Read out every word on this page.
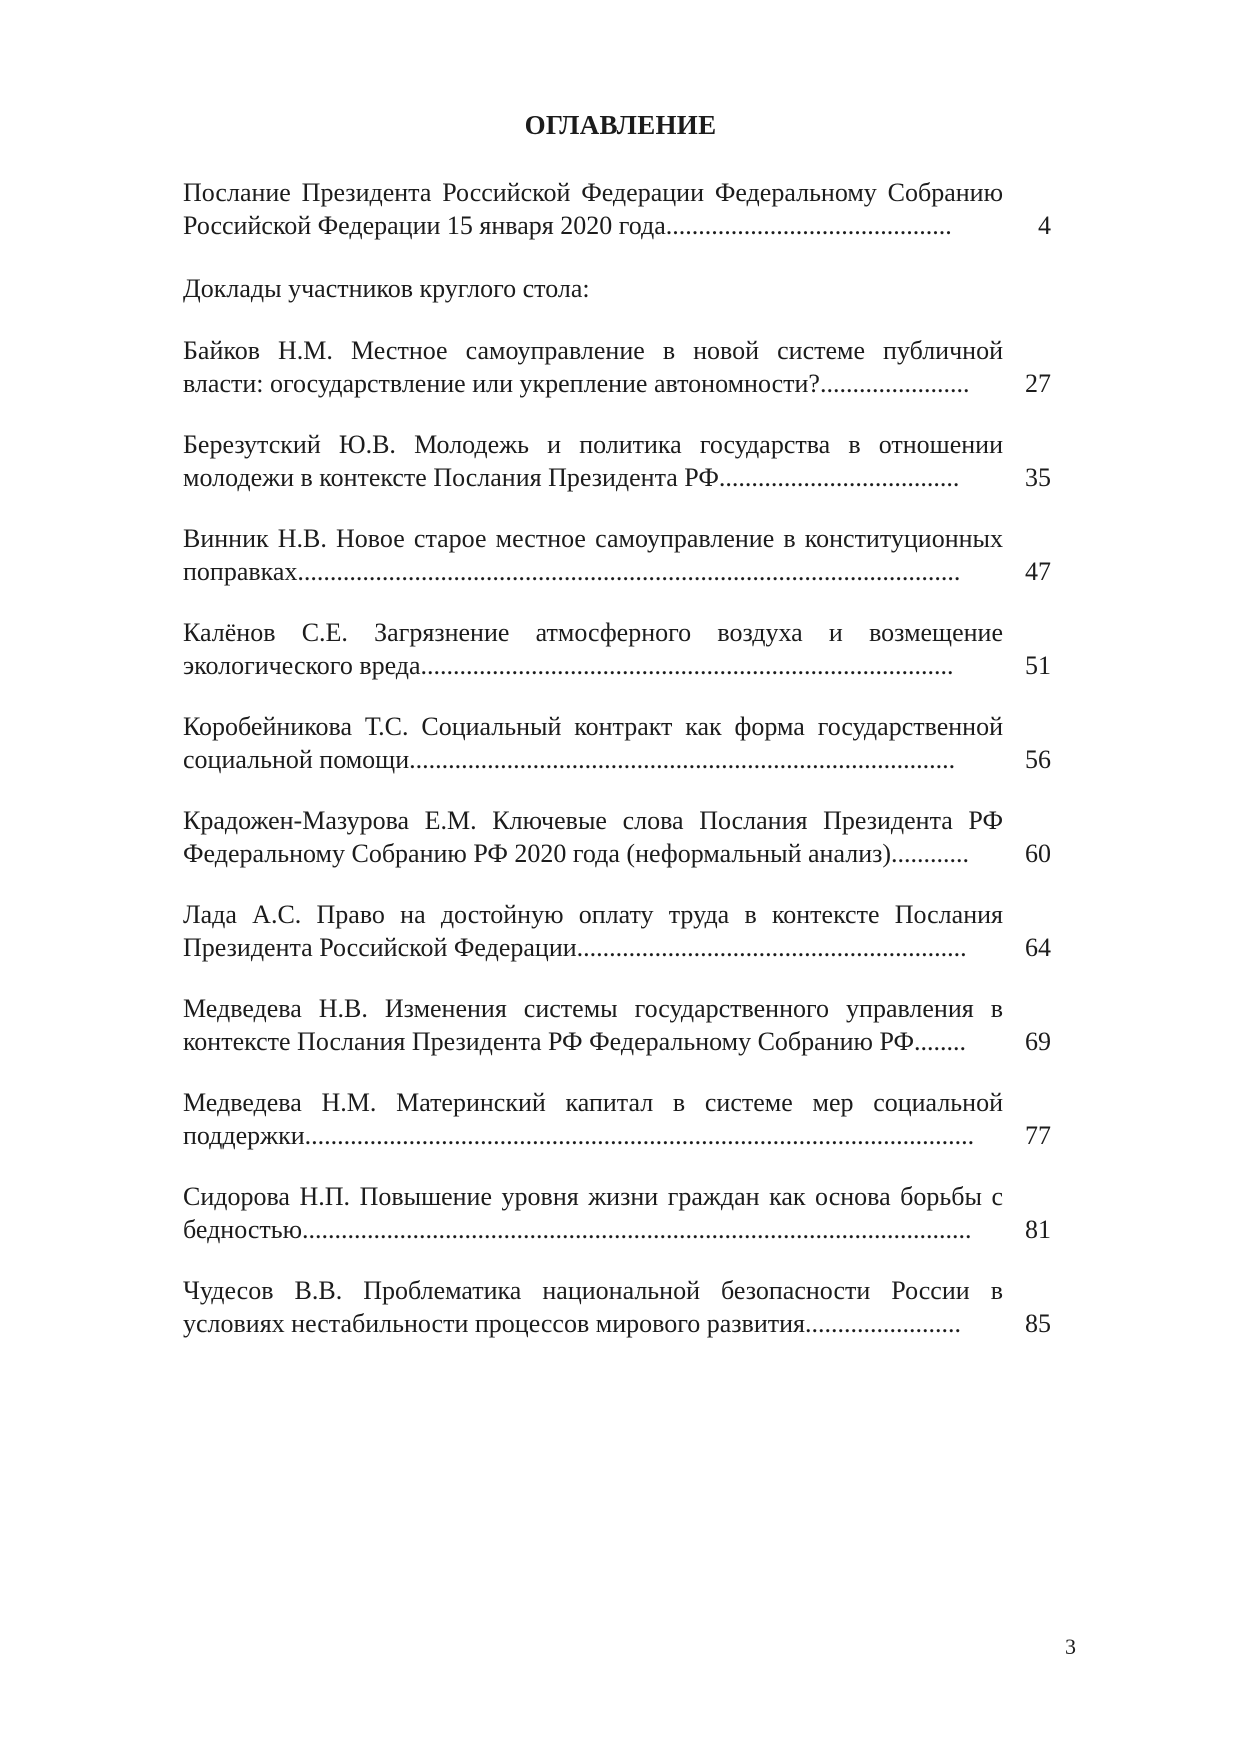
ОГЛАВЛЕНИЕ
Послание Президента Российской Федерации Федеральному Собранию Российской Федерации 15 января 2020 года............................................	4
Доклады участников круглого стола:
Байков Н.М. Местное самоуправление в новой системе публичной власти: огосударствление или укрепление автономности?.......................	27
Березутский Ю.В. Молодежь и политика государства в отношении молодежи в контексте Послания Президента РФ.....................................	35
Винник Н.В. Новое старое местное самоуправление в конституционных поправках......................................................................................................	47
Калёнов С.Е. Загрязнение атмосферного воздуха и возмещение экологического вреда..................................................................................	51
Коробейникова Т.С. Социальный контракт как форма государственной социальной помощи....................................................................................	56
Крадожен-Мазурова Е.М. Ключевые слова Послания Президента РФ Федеральному Собранию РФ 2020 года (неформальный анализ)............	60
Лада А.С. Право на достойную оплату труда в контексте Послания Президента Российской Федерации............................................................	64
Медведева Н.В. Изменения системы государственного управления в контексте Послания Президента РФ Федеральному Собранию РФ........	69
Медведева Н.М. Материнский капитал в системе мер социальной поддержки.......................................................................................................	77
Сидорова Н.П. Повышение уровня жизни граждан как основа борьбы с бедностью.......................................................................................................	81
Чудесов В.В. Проблематика национальной безопасности России в условиях нестабильности процессов мирового развития........................	85
3
